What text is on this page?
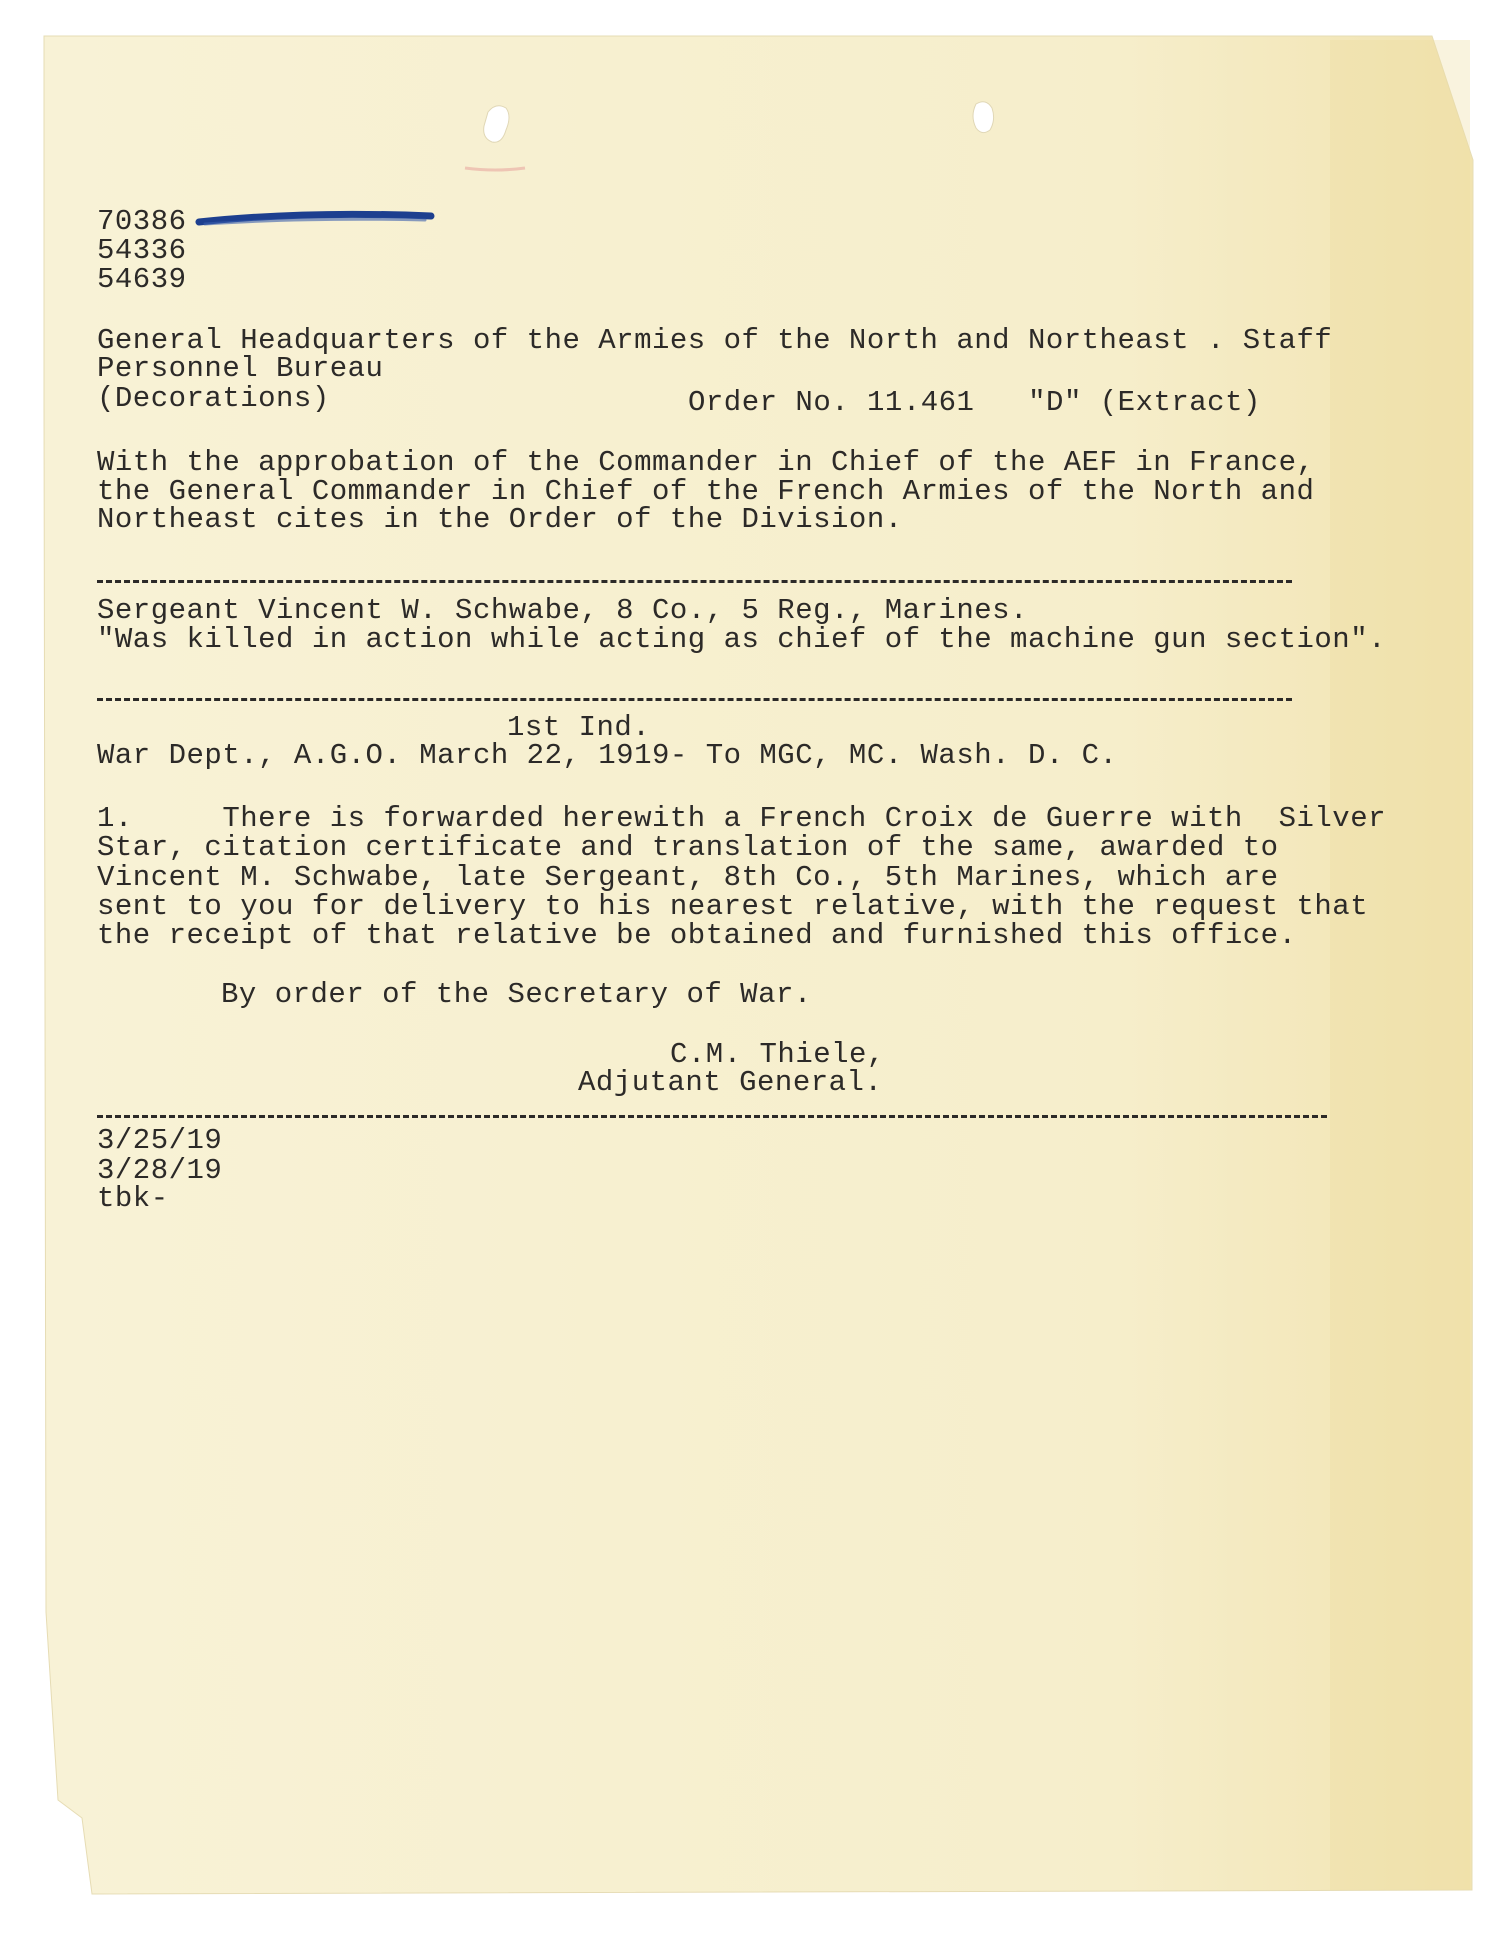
70386
54336
54639
General Headquarters of the Armies of the North and Northeast . Staff
Personnel Bureau
(Decorations)	Order No. 11.461   "D" (Extract)
With the approbation of the Commander in Chief of the AEF in France,
the General Commander in Chief of the French Armies of the North and
Northeast cites in the Order of the Division.
Sergeant Vincent W. Schwabe, 8 Co., 5 Reg., Marines.
"Was killed in action while acting as chief of the machine gun section".
1st Ind.
War Dept., A.G.O. March 22, 1919- To MGC, MC. Wash. D. C.
1.     There is forwarded herewith a French Croix de Guerre with  Silver
Star, citation certificate and translation of the same, awarded to
Vincent M. Schwabe, late Sergeant, 8th Co., 5th Marines, which are
sent to you for delivery to his nearest relative, with the request that
the receipt of that relative be obtained and furnished this office.
By order of the Secretary of War.
C.M. Thiele,
Adjutant General.
3/25/19
3/28/19
tbk-
